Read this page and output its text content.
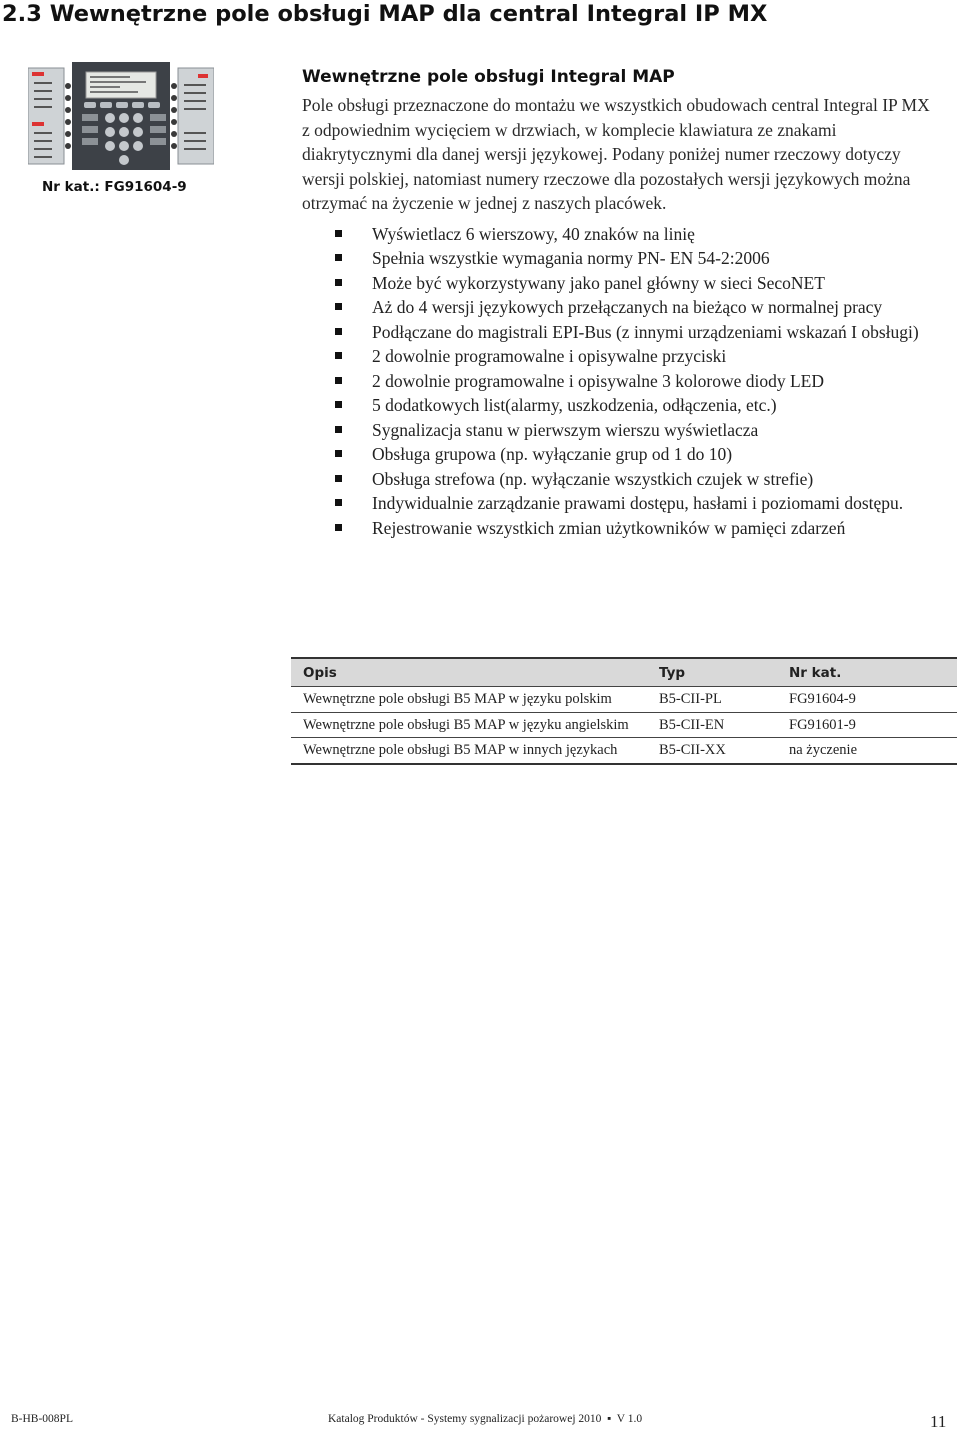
2.3 Wewnętrzne pole obsługi MAP dla central Integral IP MX

Nr kat.: FG91604-9

Wewnętrzne pole obsługi Integral MAP

Pole obsługi przeznaczone do montażu we wszystkich obudowach central Integral IP MX z odpowiednim wycięciem w drzwiach, w komplecie klawiatura ze znakami diakrytycznymi dla danej wersji językowej. Podany poniżej numer rzeczowy dotyczy wersji polskiej, natomiast numery rzeczowe dla pozostałych wersji językowych można otrzymać na życzenie w jednej z naszych placówek.

Wyświetlacz 6 wierszowy, 40 znaków na linię
Spełnia wszystkie wymagania normy PN- EN 54-2:2006
Może być wykorzystywany jako panel główny w sieci SecoNET
Aż do 4 wersji językowych przełączanych na bieżąco w normalnej pracy
Podłączane do magistrali EPI-Bus (z innymi urządzeniami wskazań I obsługi)
2 dowolnie programowalne i opisywalne przyciski
2 dowolnie programowalne i opisywalne 3 kolorowe diody LED
5 dodatkowych list(alarmy, uszkodzenia, odłączenia, etc.)
Sygnalizacja stanu w pierwszym wierszu wyświetlacza
Obsługa grupowa (np. wyłączanie grup od 1 do 10)
Obsługa strefowa (np. wyłączanie wszystkich czujek w strefie)
Indywidualnie zarządzanie prawami dostępu, hasłami i poziomami dostępu.
Rejestrowanie wszystkich zmian użytkowników w pamięci zdarzeń
Opis	Typ	Nr kat.
Wewnętrzne pole obsługi B5 MAP w języku polskim	B5-CII-PL	FG91604-9
Wewnętrzne pole obsługi B5 MAP w języku angielskim	B5-CII-EN	FG91601-9
Wewnętrzne pole obsługi B5 MAP w innych językach	B5-CII-XX	na życzenie
B-HB-008PL	Katalog Produktów - Systemy sygnalizacji pożarowej 2010  ▪  V 1.0	11
